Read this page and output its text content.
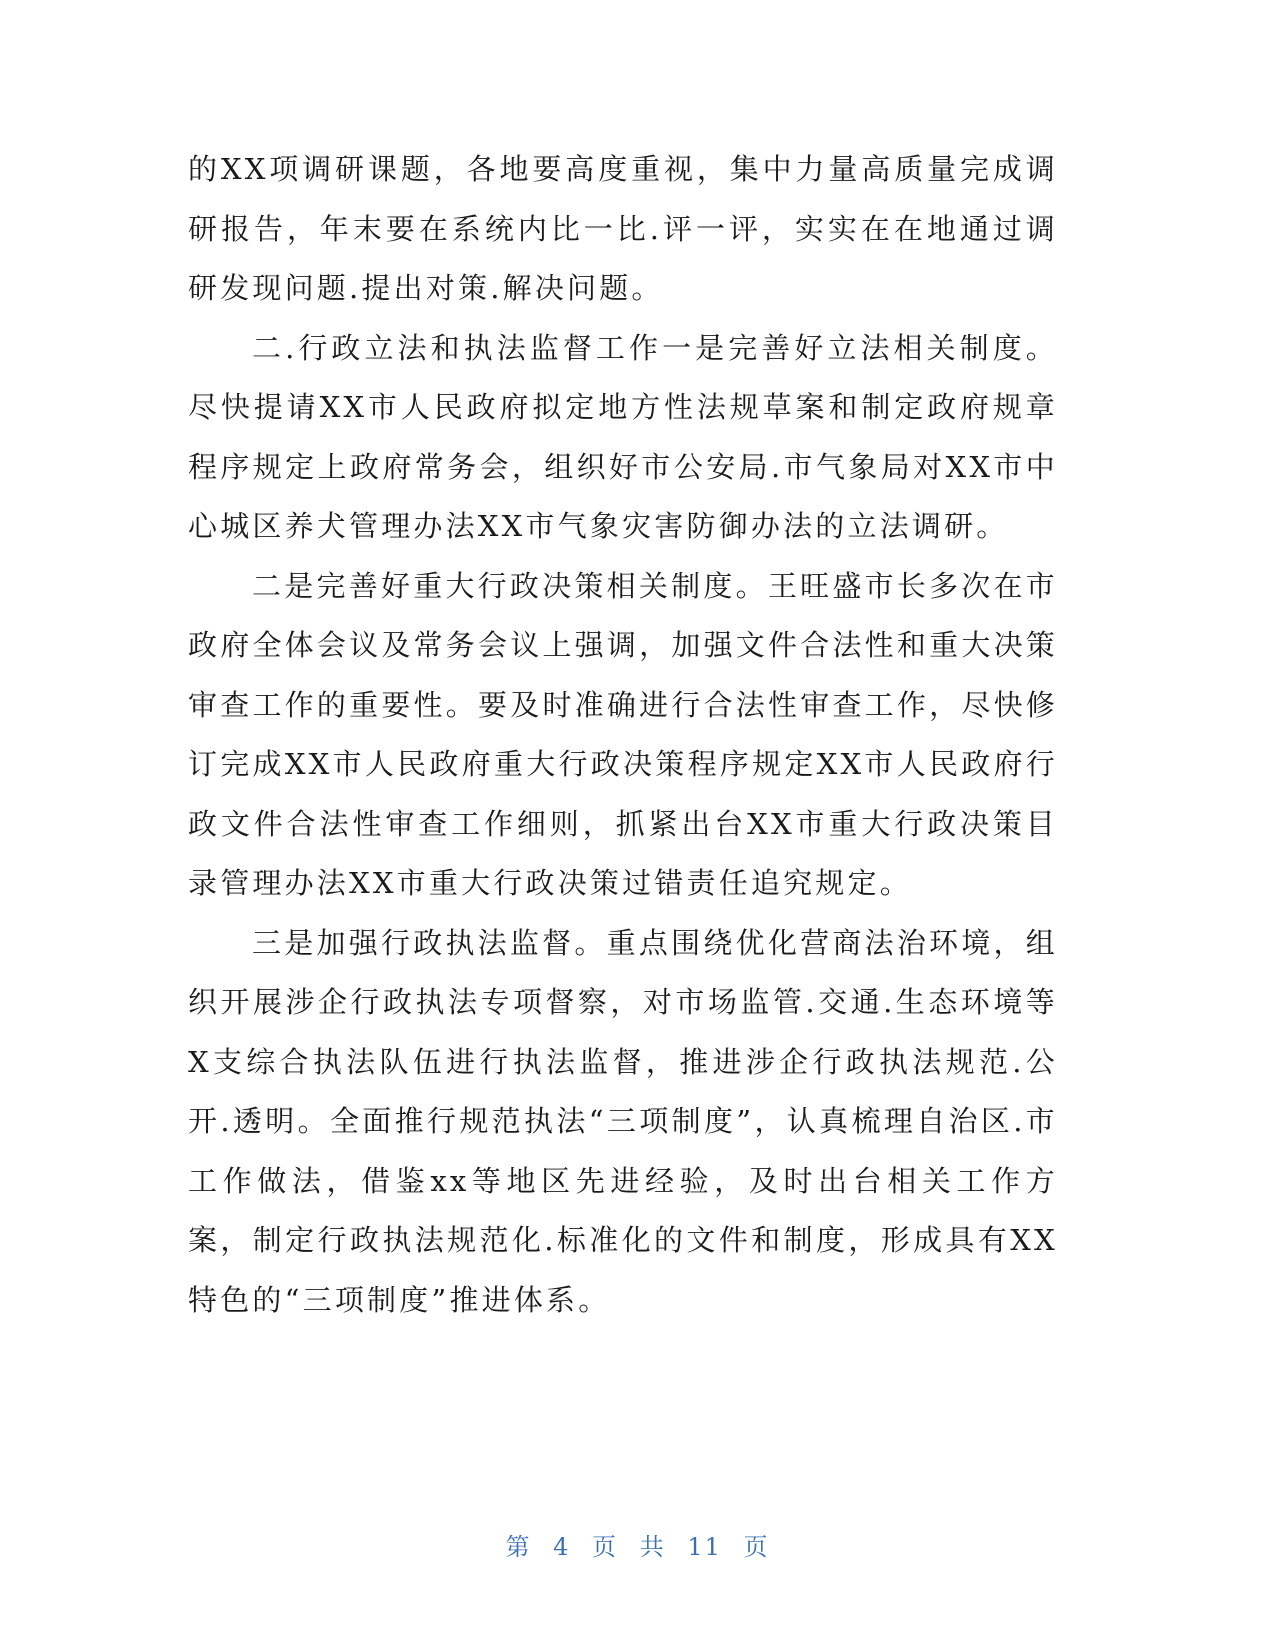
的XX项调研课题，各地要高度重视，集中力量高质量完成调研报告，年末要在系统内比一比.评一评，实实在在地通过调研发现问题.提出对策.解决问题。

二.行政立法和执法监督工作一是完善好立法相关制度。尽快提请XX市人民政府拟定地方性法规草案和制定政府规章程序规定上政府常务会，组织好市公安局.市气象局对XX市中心城区养犬管理办法XX市气象灾害防御办法的立法调研。

二是完善好重大行政决策相关制度。王旺盛市长多次在市政府全体会议及常务会议上强调，加强文件合法性和重大决策审查工作的重要性。要及时准确进行合法性审查工作，尽快修订完成XX市人民政府重大行政决策程序规定XX市人民政府行政文件合法性审查工作细则，抓紧出台XX市重大行政决策目录管理办法XX市重大行政决策过错责任追究规定。

三是加强行政执法监督。重点围绕优化营商法治环境，组织开展涉企行政执法专项督察，对市场监管.交通.生态环境等X支综合执法队伍进行执法监督，推进涉企行政执法规范.公开.透明。全面推行规范执法“三项制度”，认真梳理自治区.市工作做法，借鉴xx等地区先进经验，及时出台相关工作方案，制定行政执法规范化.标准化的文件和制度，形成具有XX特色的“三项制度”推进体系。

第 4 页 共 11 页
